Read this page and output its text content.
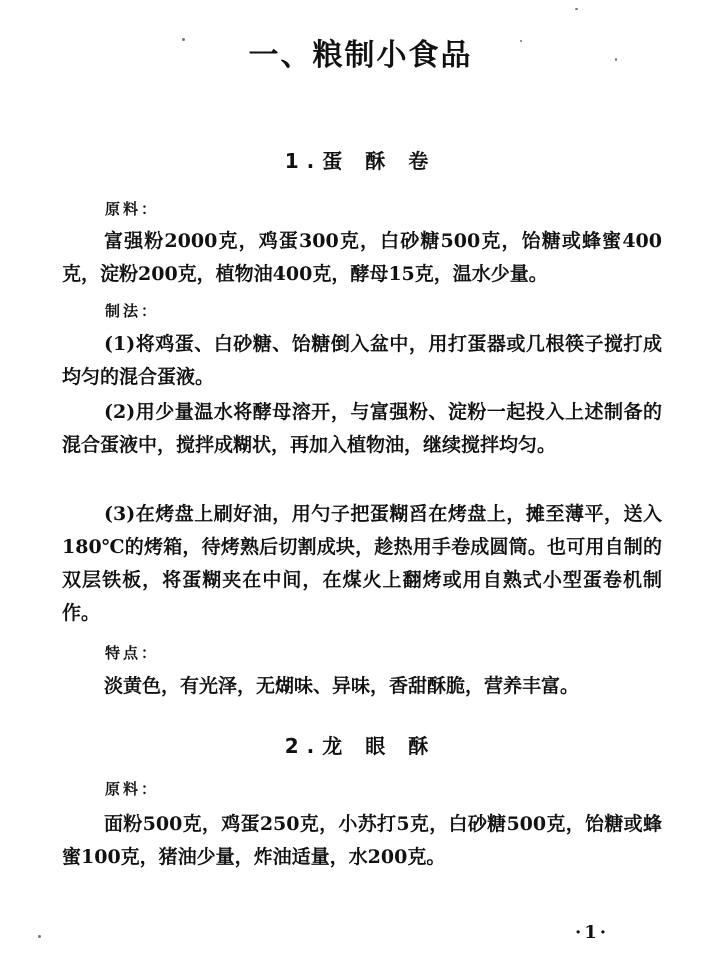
一、粮制小食品
1.蛋 酥 卷
原料：
富强粉2000克，鸡蛋300克，白砂糖500克，饴糖或蜂蜜400克，淀粉200克，植物油400克，酵母15克，温水少量。
制法：
(1)将鸡蛋、白砂糖、饴糖倒入盆中，用打蛋器或几根筷子搅打成均匀的混合蛋液。
(2)用少量温水将酵母溶开，与富强粉、淀粉一起投入上述制备的混合蛋液中，搅拌成糊状，再加入植物油，继续搅拌均匀。
(3)在烤盘上刷好油，用勺子把蛋糊舀在烤盘上，摊至薄平，送入180℃的烤箱，待烤熟后切割成块，趁热用手卷成圆筒。也可用自制的双层铁板，将蛋糊夹在中间，在煤火上翻烤或用自熟式小型蛋卷机制作。
特点：
淡黄色，有光泽，无煳味、异味，香甜酥脆，营养丰富。
2.龙 眼 酥
原料：
面粉500克，鸡蛋250克，小苏打5克，白砂糖500克，饴糖或蜂蜜100克，猪油少量，炸油适量，水200克。
·1·
